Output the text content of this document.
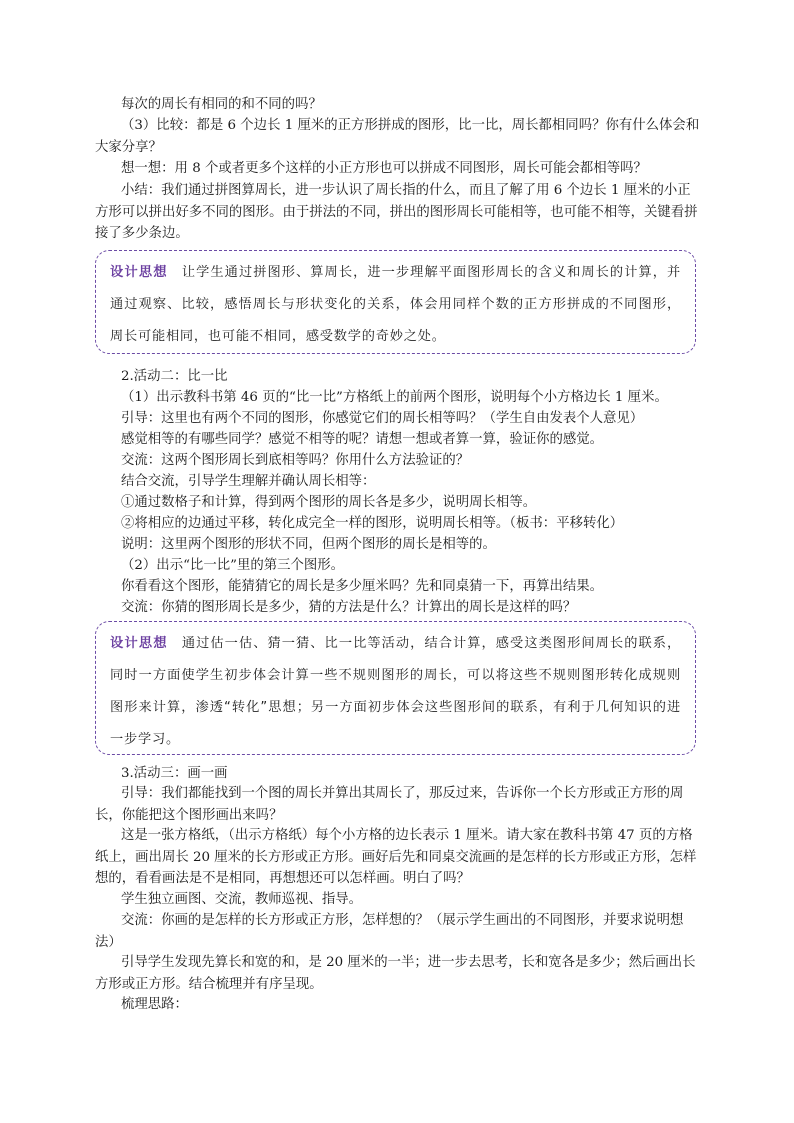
每次的周长有相同的和不同的吗？

（3）比较：都是 6 个边长 1 厘米的正方形拼成的图形，比一比，周长都相同吗？你有什么体会和大家分享？

想一想：用 8 个或者更多个这样的小正方形也可以拼成不同图形，周长可能会都相等吗？

小结：我们通过拼图算周长，进一步认识了周长指的什么，而且了解了用 6 个边长 1 厘米的小正方形可以拼出好多不同的图形。由于拼法的不同，拼出的图形周长可能相等，也可能不相等，关键看拼接了多少条边。

设计思想 让学生通过拼图形、算周长，进一步理解平面图形周长的含义和周长的计算，并通过观察、比较，感悟周长与形状变化的关系，体会用同样个数的正方形拼成的不同图形，周长可能相同，也可能不相同，感受数学的奇妙之处。

2.活动二：比一比

（1）出示教科书第 46 页的“比一比”方格纸上的前两个图形，说明每个小方格边长 1 厘米。

引导：这里也有两个不同的图形，你感觉它们的周长相等吗？（学生自由发表个人意见）

感觉相等的有哪些同学？感觉不相等的呢？请想一想或者算一算，验证你的感觉。

交流：这两个图形周长到底相等吗？你用什么方法验证的？

结合交流，引导学生理解并确认周长相等：

①通过数格子和计算，得到两个图形的周长各是多少，说明周长相等。

②将相应的边通过平移，转化成完全一样的图形，说明周长相等。（板书：平移转化）

说明：这里两个图形的形状不同，但两个图形的周长是相等的。

（2）出示“比一比”里的第三个图形。

你看看这个图形，能猜猜它的周长是多少厘米吗？先和同桌猜一下，再算出结果。

交流：你猜的图形周长是多少，猜的方法是什么？计算出的周长是这样的吗？

设计思想 通过估一估、猜一猜、比一比等活动，结合计算，感受这类图形间周长的联系，同时一方面使学生初步体会计算一些不规则图形的周长，可以将这些不规则图形转化成规则图形来计算，渗透“转化”思想；另一方面初步体会这些图形间的联系，有利于几何知识的进一步学习。

3.活动三：画一画

引导：我们都能找到一个图的周长并算出其周长了，那反过来，告诉你一个长方形或正方形的周长，你能把这个图形画出来吗？

这是一张方格纸，（出示方格纸）每个小方格的边长表示 1 厘米。请大家在教科书第 47 页的方格纸上，画出周长 20 厘米的长方形或正方形。画好后先和同桌交流画的是怎样的长方形或正方形，怎样想的，看看画法是不是相同，再想想还可以怎样画。明白了吗？

学生独立画图、交流，教师巡视、指导。

交流：你画的是怎样的长方形或正方形，怎样想的？（展示学生画出的不同图形，并要求说明想法）

引导学生发现先算长和宽的和，是 20 厘米的一半；进一步去思考，长和宽各是多少；然后画出长方形或正方形。结合梳理并有序呈现。

梳理思路：
